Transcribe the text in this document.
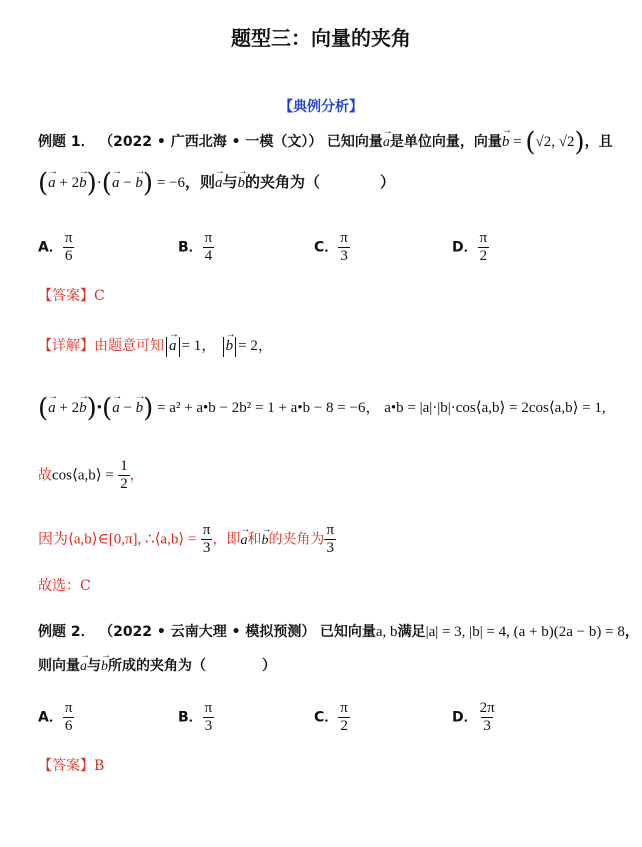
题型三：向量的夹角
【典例分析】
例题 1． （2022 • 广西北海 • 一模（文）） 已知向量→ a是单位向量，向量→ b = (√2, √2)，且
(→ a + 2→ b)·(→ a − → b) = −6，则→ a与→ b的夹角为（　　　　）
A． $\frac{\pi}{6}$	B． $\frac{\pi}{4}$	C． $\frac{\pi}{3}$	D． $\frac{\pi}{2}$
【答案】C
【详解】由题意可知 → a = 1， → b = 2，
(→ a + 2→ b)•(→ a − → b) = a² + a•b − 2b² = 1 + a•b − 8 = −6， a•b = |a|·|b|·cos⟨a,b⟩ = 2cos⟨a,b⟩ = 1,
故cos⟨a,b⟩ = $\frac{1}{2}$ ，
因为⟨a,b⟩∈[0,π], ∴⟨a,b⟩ = $\frac{\pi}{3}$ ，即→ a和→ b的夹角为 $\frac{\pi}{3}$
故选：C
例题 2． （2022 • 云南大理 • 模拟预测） 已知向量a, b满足|a| = 3, |b| = 4, (a + b)(2a − b) = 8，
则向量→ a与→ b所成的夹角为（　　　　）
A． $\frac{\pi}{6}$	B． $\frac{\pi}{3}$	C． $\frac{\pi}{2}$	D． $\frac{2\pi}{3}$
【答案】B
